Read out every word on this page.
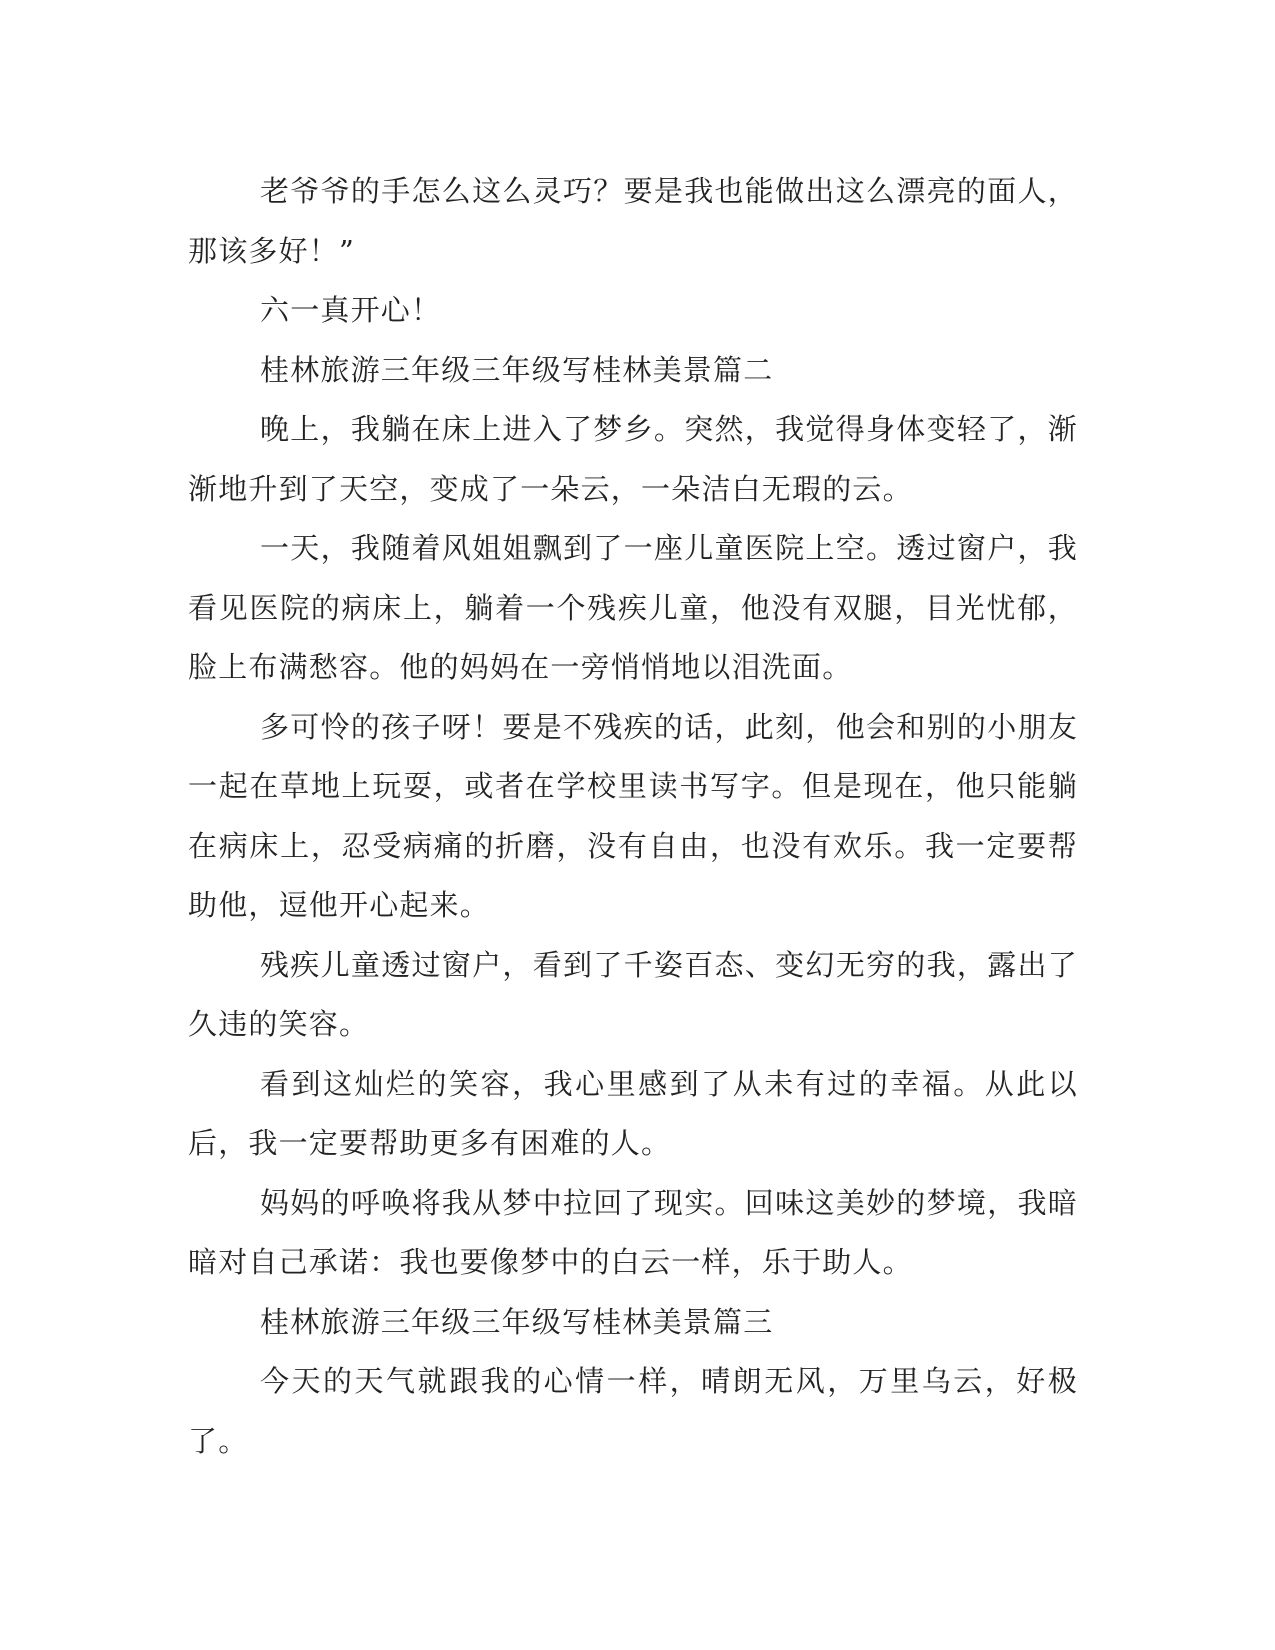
老爷爷的手怎么这么灵巧？要是我也能做出这么漂亮的面人，那该多好！”

六一真开心！

桂林旅游三年级三年级写桂林美景篇二

晚上，我躺在床上进入了梦乡。突然，我觉得身体变轻了，渐渐地升到了天空，变成了一朵云，一朵洁白无瑕的云。

一天，我随着风姐姐飘到了一座儿童医院上空。透过窗户，我看见医院的病床上，躺着一个残疾儿童，他没有双腿，目光忧郁，脸上布满愁容。他的妈妈在一旁悄悄地以泪洗面。

多可怜的孩子呀！要是不残疾的话，此刻，他会和别的小朋友一起在草地上玩耍，或者在学校里读书写字。但是现在，他只能躺在病床上，忍受病痛的折磨，没有自由，也没有欢乐。我一定要帮助他，逗他开心起来。

残疾儿童透过窗户，看到了千姿百态、变幻无穷的我，露出了久违的笑容。

看到这灿烂的笑容，我心里感到了从未有过的幸福。从此以后，我一定要帮助更多有困难的人。

妈妈的呼唤将我从梦中拉回了现实。回味这美妙的梦境，我暗暗对自己承诺：我也要像梦中的白云一样，乐于助人。

桂林旅游三年级三年级写桂林美景篇三

今天的天气就跟我的心情一样，晴朗无风，万里乌云，好极了。
